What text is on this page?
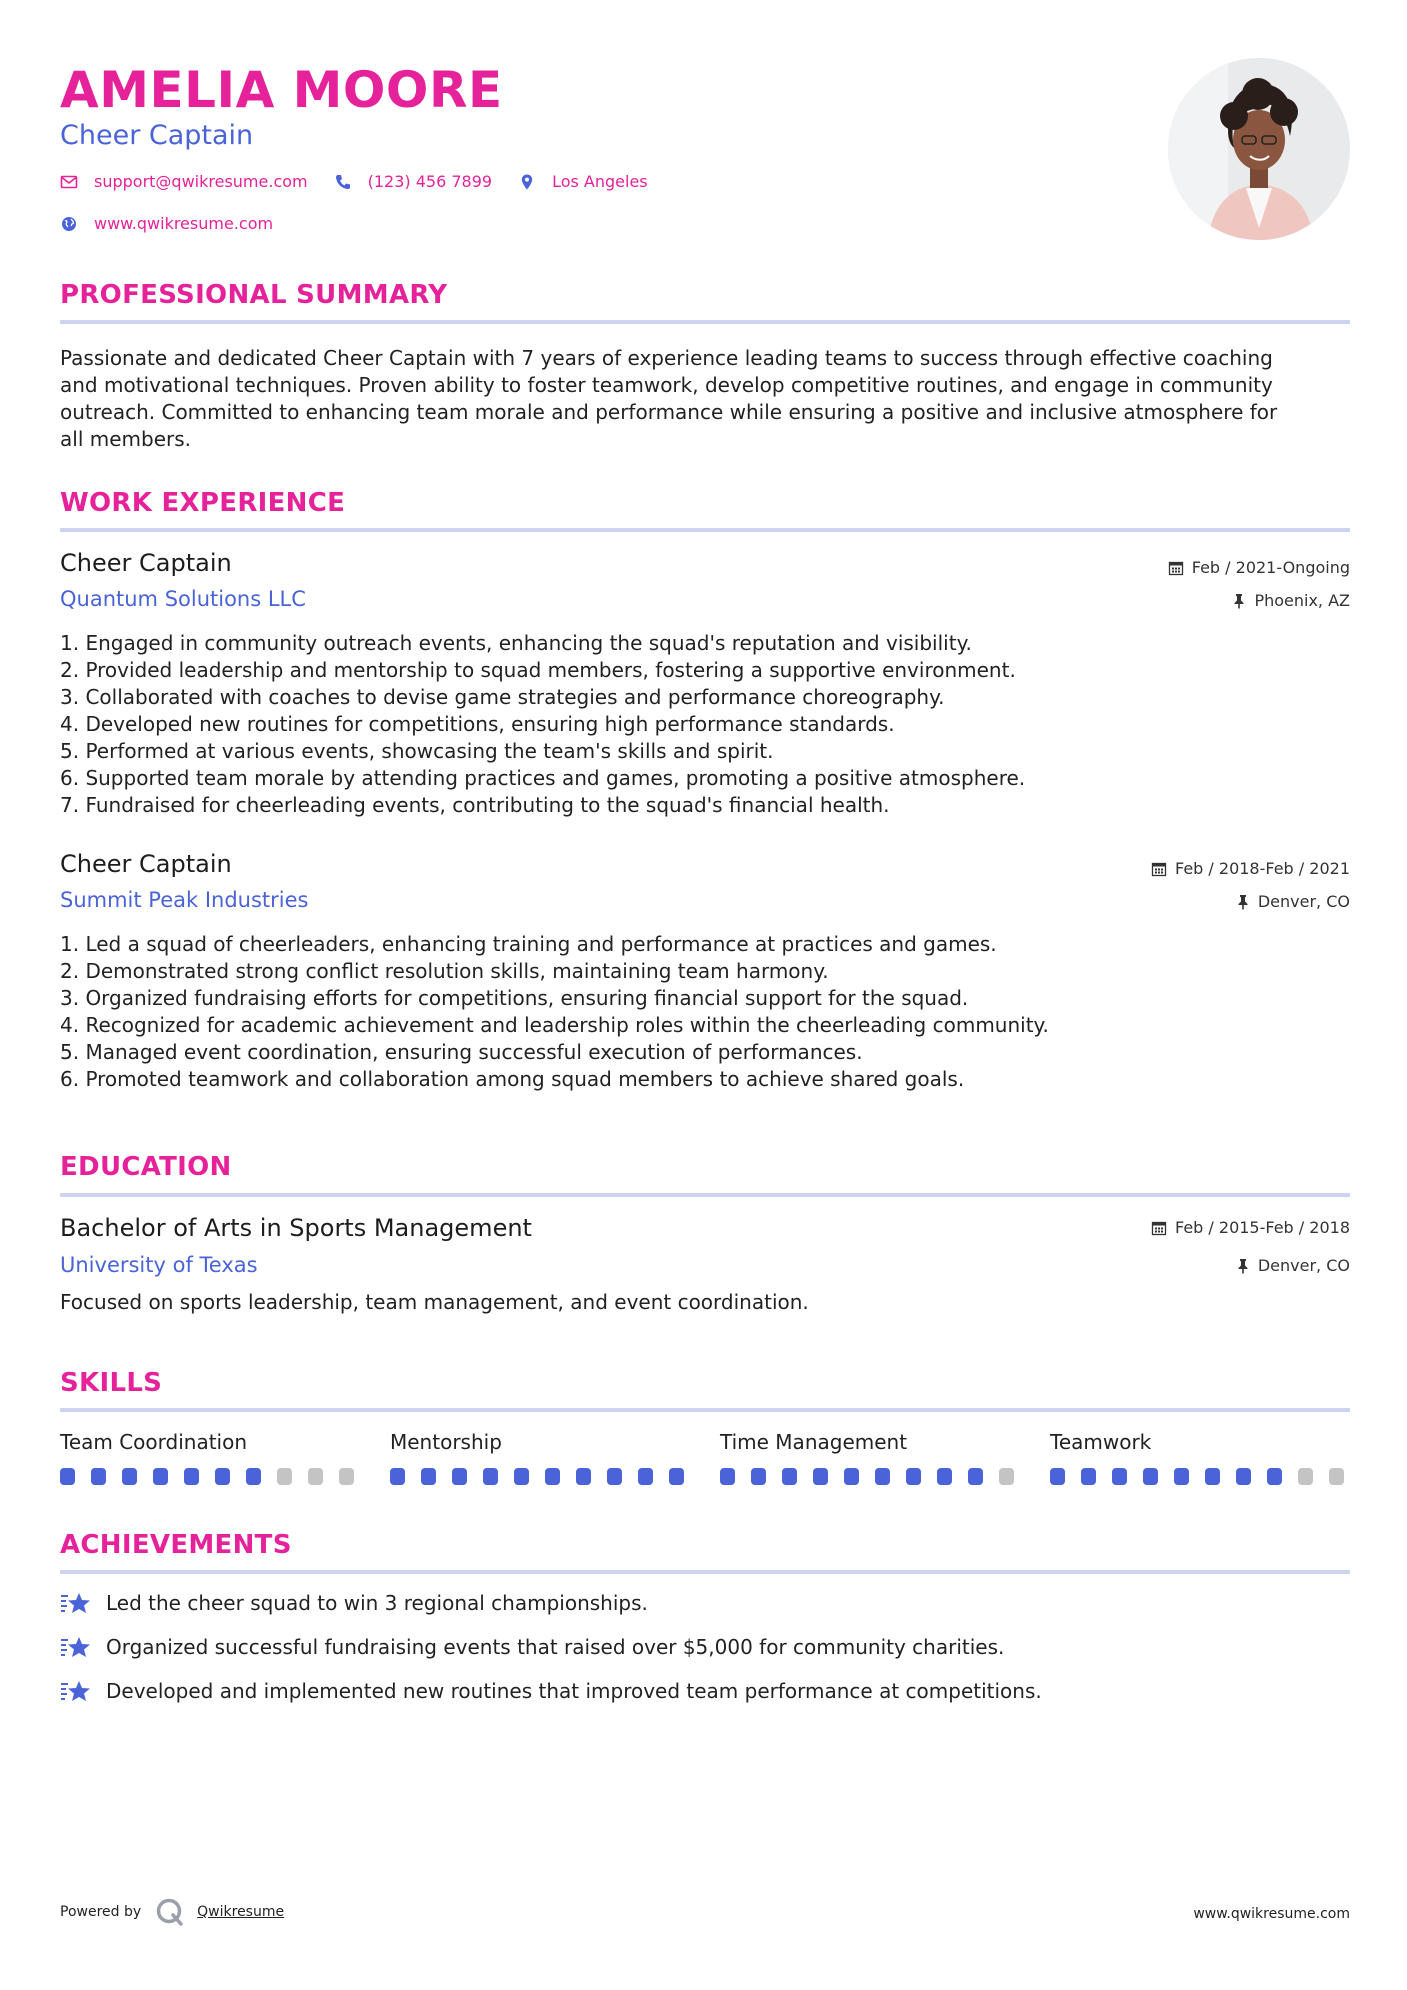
AMELIA MOORE
Cheer Captain
support@qwikresume.com	(123) 456 7899	Los Angeles
www.qwikresume.com
PROFESSIONAL SUMMARY
Passionate and dedicated Cheer Captain with 7 years of experience leading teams to success through effective coaching
and motivational techniques. Proven ability to foster teamwork, develop competitive routines, and engage in community
outreach. Committed to enhancing team morale and performance while ensuring a positive and inclusive atmosphere for
all members.
WORK EXPERIENCE
Cheer Captain
Quantum Solutions LLC
Feb / 2021-Ongoing
Phoenix, AZ
1. Engaged in community outreach events, enhancing the squad's reputation and visibility.
2. Provided leadership and mentorship to squad members, fostering a supportive environment.
3. Collaborated with coaches to devise game strategies and performance choreography.
4. Developed new routines for competitions, ensuring high performance standards.
5. Performed at various events, showcasing the team's skills and spirit.
6. Supported team morale by attending practices and games, promoting a positive atmosphere.
7. Fundraised for cheerleading events, contributing to the squad's financial health.
Cheer Captain
Summit Peak Industries
Feb / 2018-Feb / 2021
Denver, CO
1. Led a squad of cheerleaders, enhancing training and performance at practices and games.
2. Demonstrated strong conflict resolution skills, maintaining team harmony.
3. Organized fundraising efforts for competitions, ensuring financial support for the squad.
4. Recognized for academic achievement and leadership roles within the cheerleading community.
5. Managed event coordination, ensuring successful execution of performances.
6. Promoted teamwork and collaboration among squad members to achieve shared goals.
EDUCATION
Bachelor of Arts in Sports Management
University of Texas
Feb / 2015-Feb / 2018
Denver, CO
Focused on sports leadership, team management, and event coordination.
SKILLS
Team Coordination	Mentorship	Time Management	Teamwork
ACHIEVEMENTS
Led the cheer squad to win 3 regional championships.
Organized successful fundraising events that raised over $5,000 for community charities.
Developed and implemented new routines that improved team performance at competitions.
Powered by	Qwikresume	www.qwikresume.com
